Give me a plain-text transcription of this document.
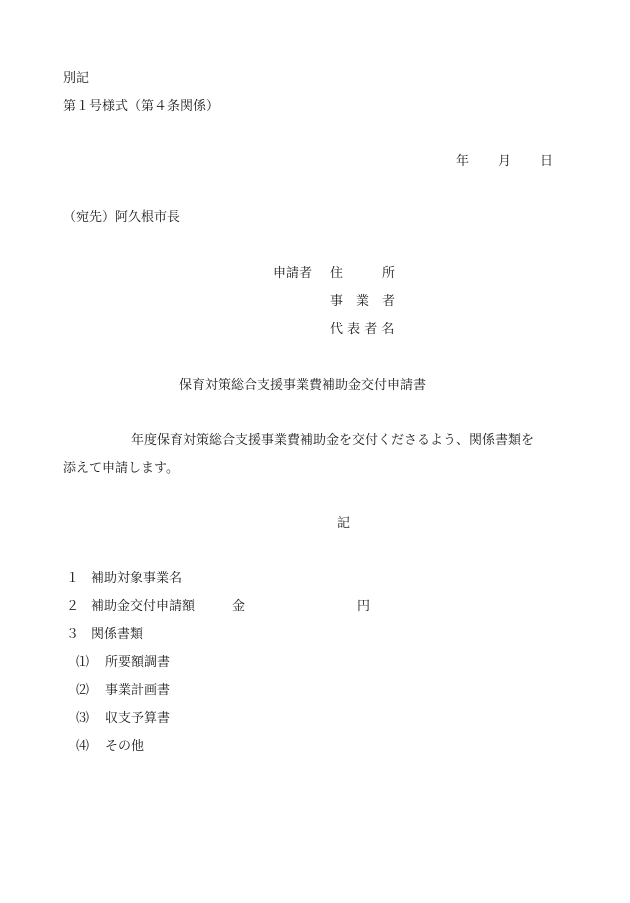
別記
第１号様式（第４条関係）
年 月 日
（宛先）阿久根市長
申請者 住　　　所
事　業　者
代 表 者 名
保育対策総合支援事業費補助金交付申請書
年度保育対策総合支援事業費補助金を交付くださるよう、関係書類を
添えて申請します。
記
１ 補助対象事業名
２ 補助金交付申請額	金	円
３ 関係書類
⑴ 所要額調書
⑵ 事業計画書
⑶ 収支予算書
⑷ その他
